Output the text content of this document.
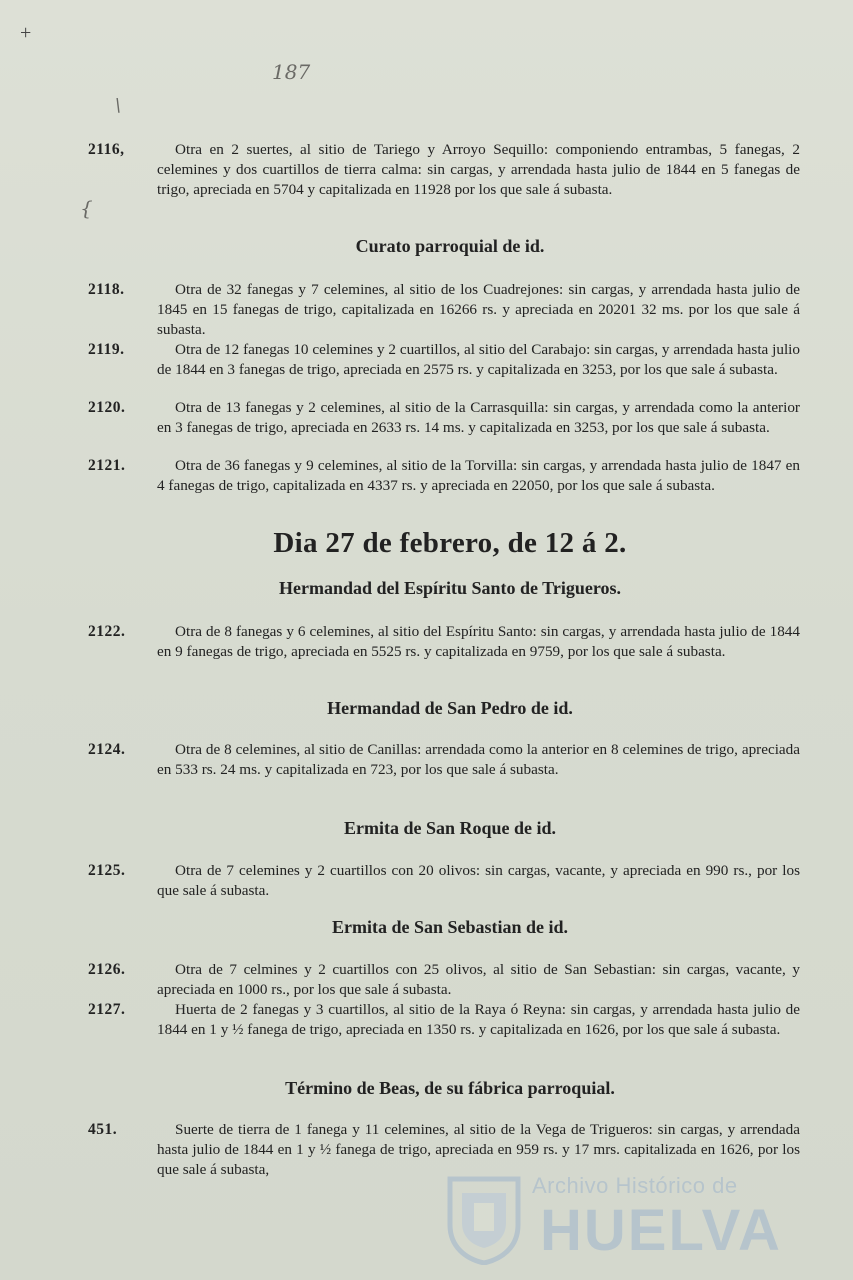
+
187
\
{
2116,	Otra en 2 suertes, al sitio de Tariego y Arroyo Sequillo: componiendo entrambas, 5 fanegas, 2 celemines y dos cuartillos de tierra calma: sin cargas, y arrendada hasta julio de 1844 en 5 fanegas de trigo, apreciada en 5704 y capitalizada en 11928 por los que sale á subasta.
Curato parroquial de id.
2118.	Otra de 32 fanegas y 7 celemines, al sitio de los Cuadrejones: sin cargas, y arrendada hasta julio de 1845 en 15 fanegas de trigo, capitalizada en 16266 rs. y apreciada en 20201 32 ms. por los que sale á subasta.
2119.	Otra de 12 fanegas 10 celemines y 2 cuartillos, al sitio del Carabajo: sin cargas, y arrendada hasta julio de 1844 en 3 fanegas de trigo, apreciada en 2575 rs. y capitalizada en 3253, por los que sale á subasta.
2120.	Otra de 13 fanegas y 2 celemines, al sitio de la Carrasquilla: sin cargas, y arrendada como la anterior en 3 fanegas de trigo, apreciada en 2633 rs. 14 ms. y capitalizada en 3253, por los que sale á subasta.
2121.	Otra de 36 fanegas y 9 celemines, al sitio de la Torvilla: sin cargas, y arrendada hasta julio de 1847 en 4 fanegas de trigo, capitalizada en 4337 rs. y apreciada en 22050, por los que sale á subasta.
Dia 27 de febrero, de 12 á 2.
Hermandad del Espíritu Santo de Trigueros.
2122.	Otra de 8 fanegas y 6 celemines, al sitio del Espíritu Santo: sin cargas, y arrendada hasta julio de 1844 en 9 fanegas de trigo, apreciada en 5525 rs. y capitalizada en 9759, por los que sale á subasta.
Hermandad de San Pedro de id.
2124.	Otra de 8 celemines, al sitio de Canillas: arrendada como la anterior en 8 celemines de trigo, apreciada en 533 rs. 24 ms. y capitalizada en 723, por los que sale á subasta.
Ermita de San Roque de id.
2125.	Otra de 7 celemines y 2 cuartillos con 20 olivos: sin cargas, vacante, y apreciada en 990 rs., por los que sale á subasta.
Ermita de San Sebastian de id.
2126.	Otra de 7 celmines y 2 cuartillos con 25 olivos, al sitio de San Sebastian: sin cargas, vacante, y apreciada en 1000 rs., por los que sale á subasta.
2127.	Huerta de 2 fanegas y 3 cuartillos, al sitio de la Raya ó Reyna: sin cargas, y arrendada hasta julio de 1844 en 1 y ½ fanega de trigo, apreciada en 1350 rs. y capitalizada en 1626, por los que sale á subasta.
Término de Beas, de su fábrica parroquial.
451.	Suerte de tierra de 1 fanega y 11 celemines, al sitio de la Vega de Trigueros: sin cargas, y arrendada hasta julio de 1844 en 1 y ½ fanega de trigo, apreciada en 959 rs. y 17 mrs. capitalizada en 1626, por los que sale á subasta,
Archivo Histórico de
HUELVA
